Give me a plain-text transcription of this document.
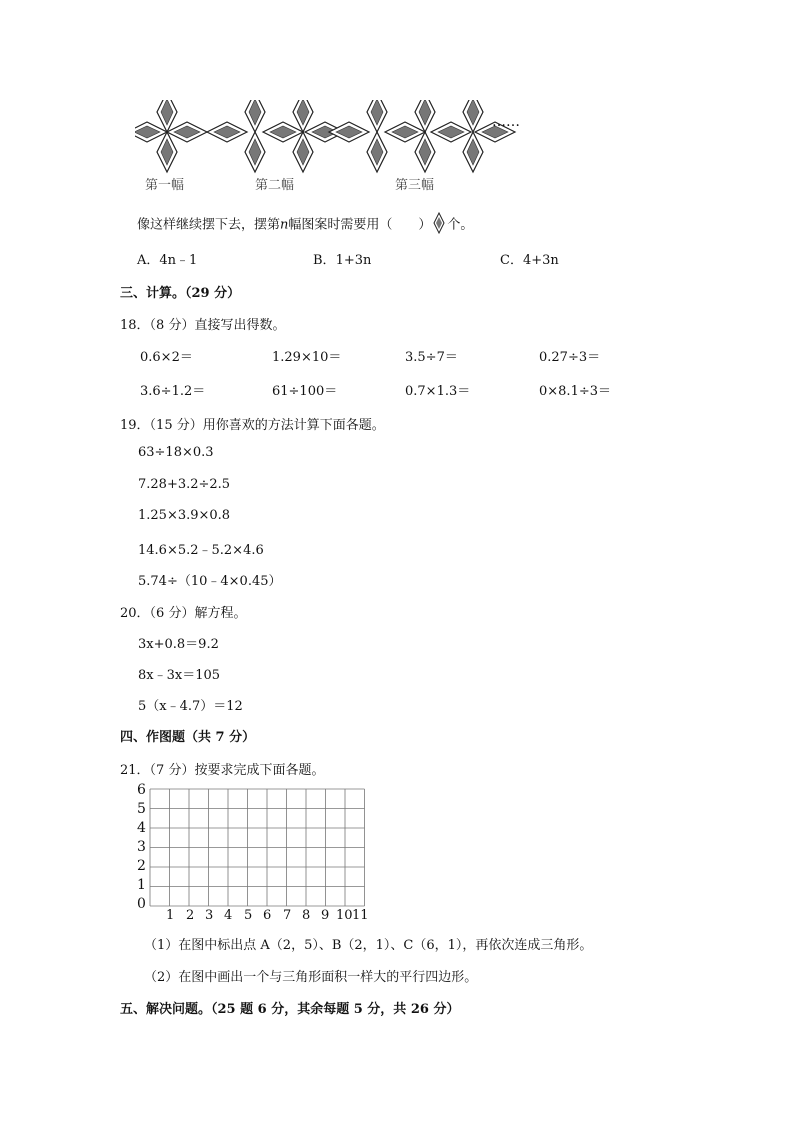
第一幅	第二幅	第三幅
……
像这样继续摆下去，摆第n幅图案时需要用（　　） 个。
A．4n﹣1	B．1+3n	C．4+3n
三、计算。（29 分）
18．（8 分）直接写出得数。
0.6×2＝	1.29×10＝	3.5÷7＝	0.27÷3＝
3.6÷1.2＝	61÷100＝	0.7×1.3＝	0×8.1÷3＝
19．（15 分）用你喜欢的方法计算下面各题。
63÷18×0.3
7.28+3.2÷2.5
1.25×3.9×0.8
14.6×5.2﹣5.2×4.6
5.74÷（10﹣4×0.45）
20．（6 分）解方程。
3x+0.8＝9.2
8x﹣3x＝105
5（x﹣4.7）＝12
四、作图题（共 7 分）
21．（7 分）按要求完成下面各题。
6
5
4
3
2
1
0
1 2 3 4 5 6 7 8 9 10 11
（1）在图中标出点 A（2，5）、B（2，1）、C（6，1），再依次连成三角形。
（2）在图中画出一个与三角形面积一样大的平行四边形。
五、解决问题。（25 题 6 分，其余每题 5 分，共 26 分）
